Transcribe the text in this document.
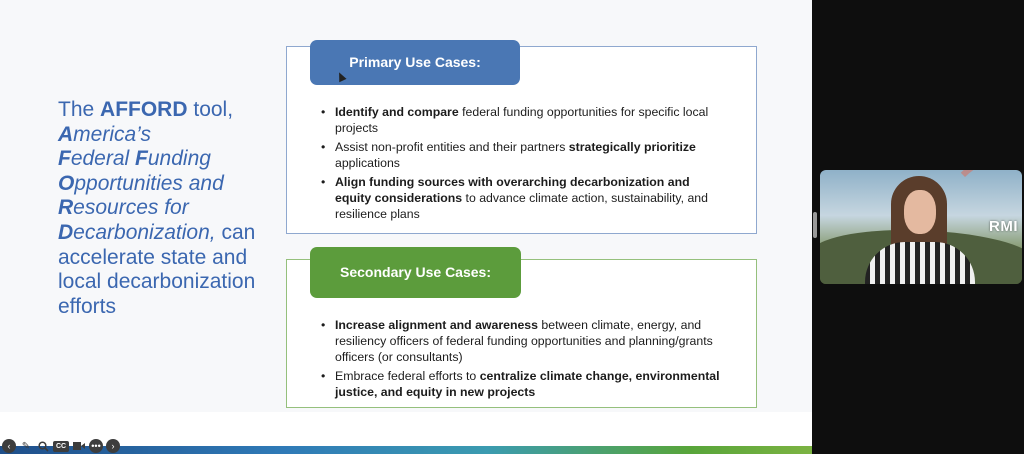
The AFFORD tool, America’s
Federal Funding
Opportunities and
Resources for
Decarbonization, can accelerate state and local decarbonization efforts
Primary Use Cases:
• Identify and compare federal funding opportunities for specific local projects
• Assist non-profit entities and their partners strategically prioritize applications
• Align funding sources with overarching decarbonization and equity considerations to advance climate action, sustainability, and resilience plans
Secondary Use Cases:
• Increase alignment and awareness between climate, energy, and resiliency officers of federal funding opportunities and planning/grants officers (or consultants)
• Embrace federal efforts to centralize climate change, environmental justice, and equity in new projects
‹	✎	CC	•••	›
RMI
